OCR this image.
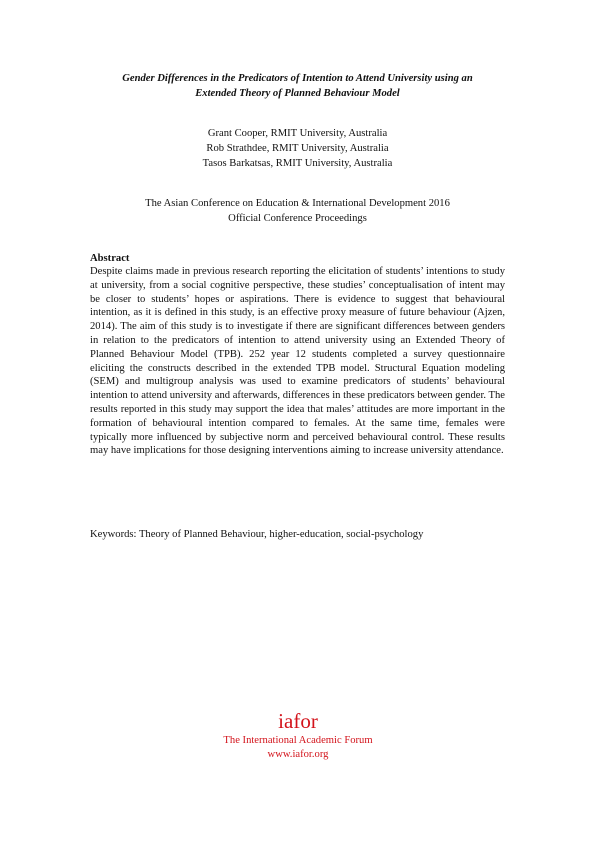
Gender Differences in the Predicators of Intention to Attend University using an
Extended Theory of Planned Behaviour Model
Grant Cooper, RMIT University, Australia
Rob Strathdee, RMIT University, Australia
Tasos Barkatsas, RMIT University, Australia
The Asian Conference on Education & International Development 2016
Official Conference Proceedings
Abstract
Despite claims made in previous research reporting the elicitation of students’ intentions to study at university, from a social cognitive perspective, these studies’ conceptualisation of intent may be closer to students’ hopes or aspirations. There is evidence to suggest that behavioural intention, as it is defined in this study, is an effective proxy measure of future behaviour (Ajzen, 2014). The aim of this study is to investigate if there are significant differences between genders in relation to the predicators of intention to attend university using an Extended Theory of Planned Behaviour Model (TPB). 252 year 12 students completed a survey questionnaire eliciting the constructs described in the extended TPB model. Structural Equation modeling (SEM) and multigroup analysis was used to examine predicators of students’ behavioural intention to attend university and afterwards, differences in these predicators between gender. The results reported in this study may support the idea that males’ attitudes are more important in the formation of behavioural intention compared to females. At the same time, females were typically more influenced by subjective norm and perceived behavioural control. These results may have implications for those designing interventions aiming to increase university attendance.
Keywords: Theory of Planned Behaviour, higher-education, social-psychology
iafor
The International Academic Forum
www.iafor.org
